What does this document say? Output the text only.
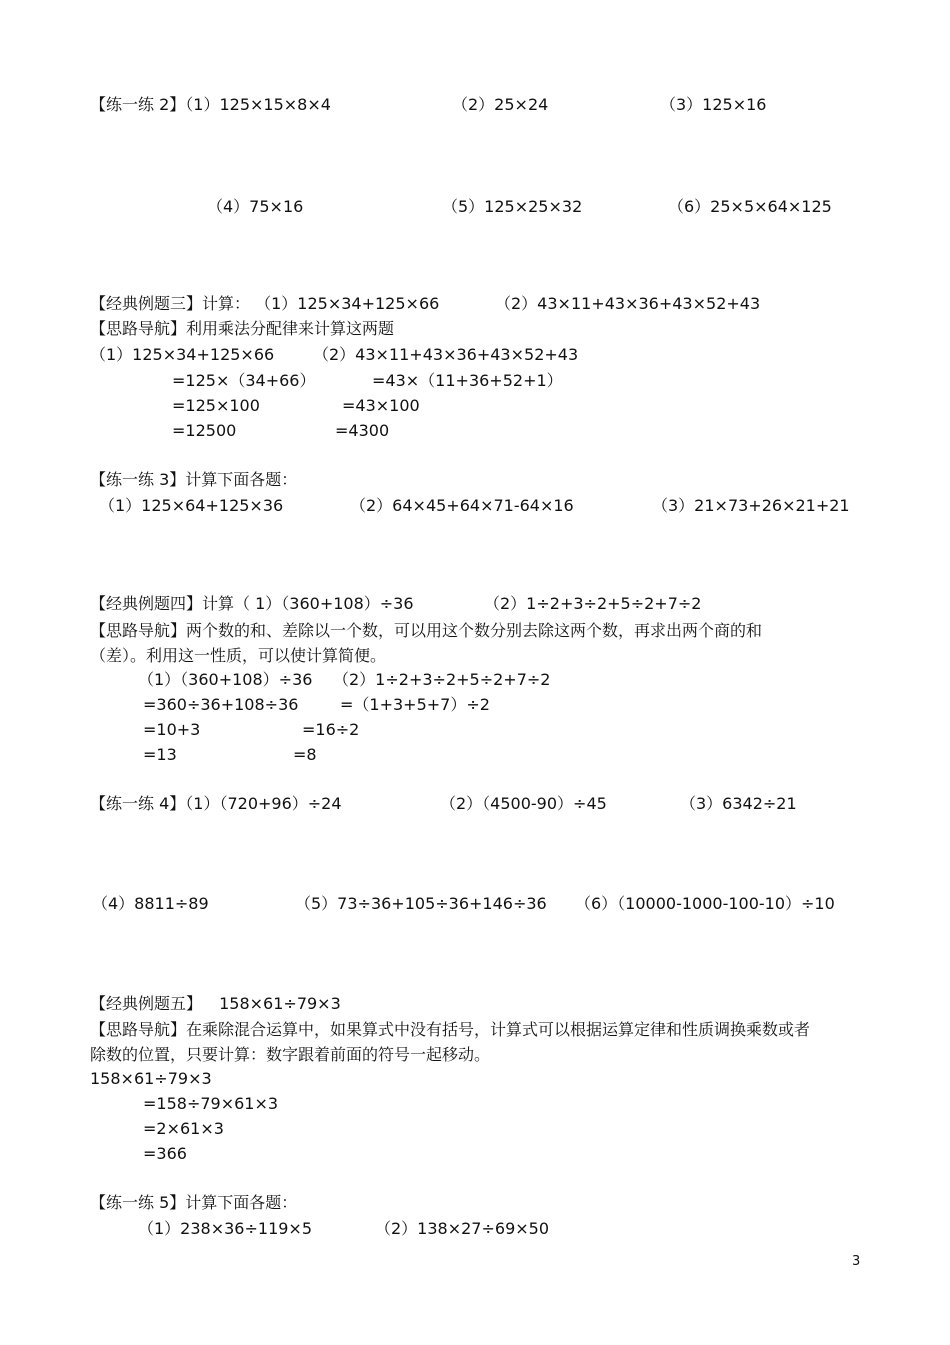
【练一练 2】（1）125×15×8×4	（2）25×24	（3）125×16
（4）75×16	（5）125×25×32	（6）25×5×64×125
【经典例题三】计算： （1）125×34+125×66	（2）43×11+43×36+43×52+43
【思路导航】利用乘法分配律来计算这两题
（1）125×34+125×66
=125×（34+66）
=125×100
=12500
（2）43×11+43×36+43×52+43
=43×（11+36+52+1）
=43×100
=4300
【练一练 3】计算下面各题：
（1）125×64+125×36	（2）64×45+64×71-64×16	（3）21×73+26×21+21
【经典例题四】计算（ 1）（360+108）÷36	（2）1÷2+3÷2+5÷2+7÷2
【思路导航】两个数的和、差除以一个数，可以用这个数分别去除这两个数，再求出两个商的和（差）。利用这一性质，可以使计算简便。
（1）（360+108）÷36
=360÷36+108÷36
=10+3
=13
（2）1÷2+3÷2+5÷2+7÷2
=（1+3+5+7）÷2
=16÷2
=8
【练一练 4】（1）（720+96）÷24	（2）（4500-90）÷45	（3）6342÷21
（4）8811÷89	（5）73÷36+105÷36+146÷36 （6）（10000-1000-100-10）÷10
【经典例题五】 158×61÷79×3
【思路导航】在乘除混合运算中，如果算式中没有括号，计算式可以根据运算定律和性质调换乘数或者除数的位置，只要计算：数字跟着前面的符号一起移动。
158×61÷79×3
=158÷79×61×3
=2×61×3
=366
【练一练 5】计算下面各题：
（1）238×36÷119×5	（2）138×27÷69×50
3
